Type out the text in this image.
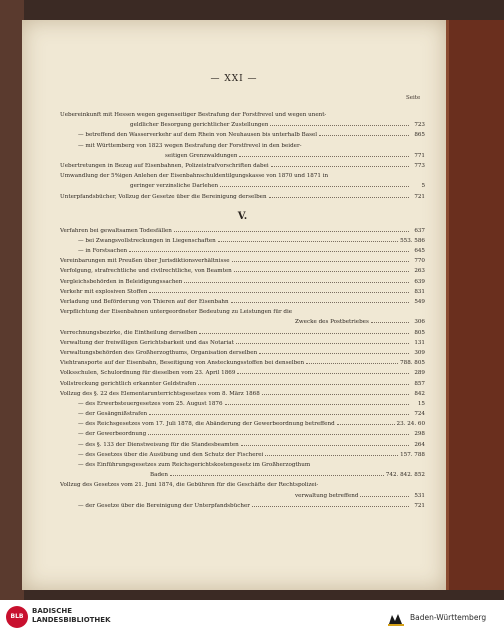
— XXI —
Seite
Uebereinkunft mit Hessen wegen gegenseitiger Bestrafung der Forstfrevel und wegen unent-
geldlicher Besorgung gerichtlicher Zustellungen	723
— betreffend den Wasserverkehr auf dem Rhein von Neuhausen bis unterhalb Basel	865
— mit Württemberg von 1823 wegen Bestrafung der Forstfrevel in den beider-
seitigen Grenzwaldungen	771
Uebertretungen in Bezug auf Eisenbahnen, Polizeistrafvorschriften dabei	773
Umwandlung der 5%igen Anlehen der Eisenbahnschuldentilgungskasse von 1870 und 1871 in
geringer verzinsliche Darlehen	5
Unterpfandsbücher, Vollzug der Gesetze über die Bereinigung derselben	721
V.
Verfahren bei gewaltsamen Todesfällen	637
— bei Zwangsvollstreckungen in Liegenschaften	553. 586
— in Forstsachen	645
Vereinbarungen mit Preußen über Jurisdiktionsverhältnisse	770
Verfolgung, strafrechtliche und civilrechtliche, von Beamten	263
Vergleichsbehörden in Beleidigungssachen	639
Verkehr mit explosiven Stoffen	831
Verladung und Beförderung von Thieren auf der Eisenbahn	549
Verpflichtung der Eisenbahnen untergeordneter Bedeutung zu Leistungen für die
Zwecke des Postbetriebes	306
Verrechnungsbezirke, die Eintheilung derselben	805
Verwaltung der freiwilligen Gerichtsbarkeit und das Notariat	131
Verwaltungsbehörden des Großherzogthums, Organisation derselben	309
Viehtransporte auf der Eisenbahn, Beseitigung von Ansteckungsstoffen bei denselben	788. 805
Volksschulen, Schulordnung für dieselben vom 23. April 1869	289
Vollstreckung gerichtlich erkannter Geldstrafen	857
Vollzug des §. 22 des Elementarunterrichtsgesetzes vom 8. März 1868	842
— des Erwerbsteuergesetzes vom 25. August 1876	15
— der Gesängnißstrafen	724
— des Reichsgesetzes vom 17. Juli 1878, die Abänderung der Gewerbeordnung betreffend	23. 24. 60
— der Gewerbeordnung	298
— des §. 133 der Dienstweisung für die Standesbeamten	264
— des Gesetzes über die Ausübung und den Schutz der Fischerei	157. 788
— des Einführungsgesetzes zum Reichsgerichtskostengesetz im Großherzogthum
Baden	742. 842. 852
Vollzug des Gesetzes vom 21. Juni 1874, die Gebühren für die Geschäfte der Rechtspolizei-
verwaltung betreffend	531
— der Gesetze über die Bereinigung der Unterpfandsbücher	721
BLB
BADISCHE
LANDESBIBLIOTHEK	Baden-Württemberg
